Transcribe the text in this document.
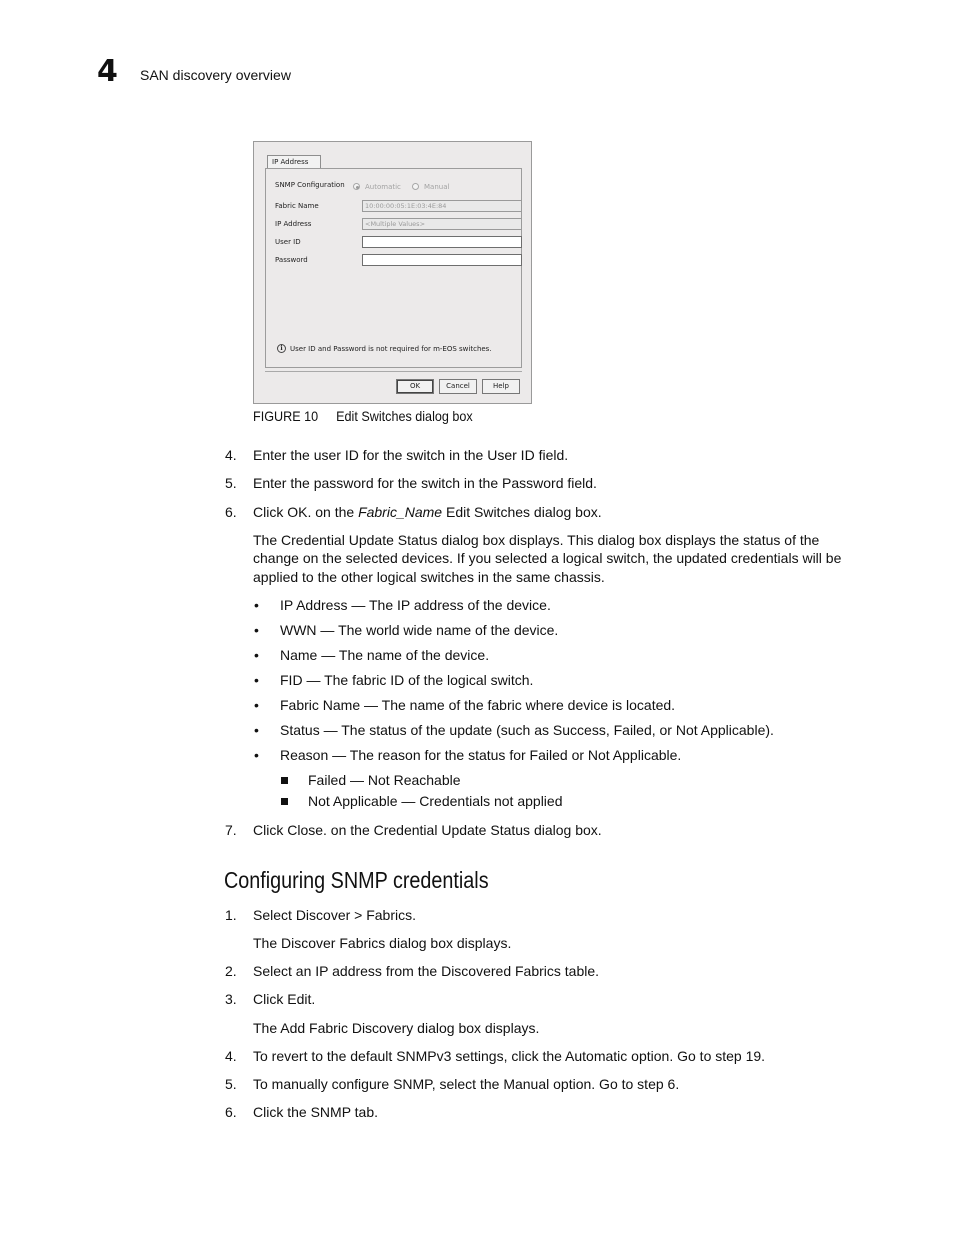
4 SAN discovery overview
IP Address
SNMP Configuration	Automatic	Manual
Fabric Name	10:00:00:05:1E:03:4E:84
IP Address	<Multiple Values>
User ID
Password
i	User ID and Password is not required for m-EOS switches.
OK	Cancel	Help
FIGURE 10 Edit Switches dialog box
4. Enter the user ID for the switch in the User ID field.
5. Enter the password for the switch in the Password field.
6. Click OK. on the Fabric_Name Edit Switches dialog box.
The Credential Update Status dialog box displays. This dialog box displays the status of the
change on the selected devices. If you selected a logical switch, the updated credentials will be
applied to the other logical switches in the same chassis.
• IP Address — The IP address of the device.
• WWN — The world wide name of the device.
• Name — The name of the device.
• FID — The fabric ID of the logical switch.
• Fabric Name — The name of the fabric where device is located.
• Status — The status of the update (such as Success, Failed, or Not Applicable).
• Reason — The reason for the status for Failed or Not Applicable.
Failed — Not Reachable
Not Applicable — Credentials not applied
7. Click Close. on the Credential Update Status dialog box.
Configuring SNMP credentials
1. Select Discover > Fabrics.
The Discover Fabrics dialog box displays.
2. Select an IP address from the Discovered Fabrics table.
3. Click Edit.
The Add Fabric Discovery dialog box displays.
4. To revert to the default SNMPv3 settings, click the Automatic option. Go to step 19.
5. To manually configure SNMP, select the Manual option. Go to step 6.
6. Click the SNMP tab.
